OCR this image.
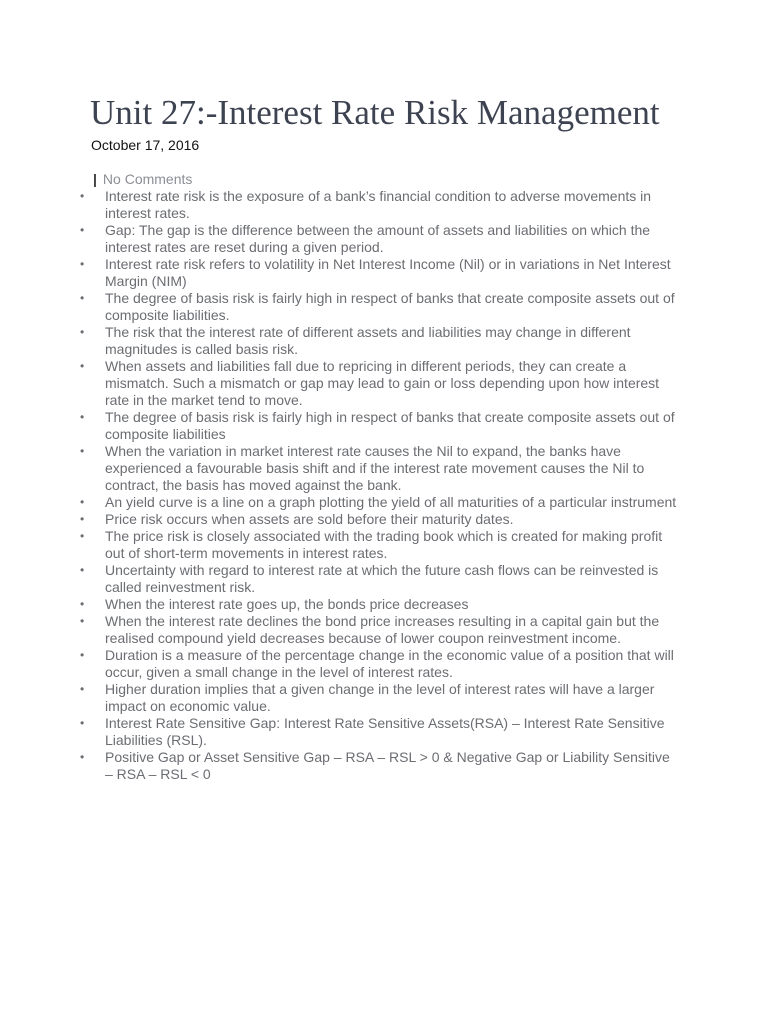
Unit 27:-Interest Rate Risk Management
October 17, 2016
| No Comments
• Interest rate risk is the exposure of a bank’s financial condition to adverse movements in interest rates.
• Gap: The gap is the difference between the amount of assets and liabilities on which the interest rates are reset during a given period.
• Interest rate risk refers to volatility in Net Interest Income (Nil) or in variations in Net Interest Margin (NIM)
• The degree of basis risk is fairly high in respect of banks that create composite assets out of composite liabilities.
• The risk that the interest rate of different assets and liabilities may change in different magnitudes is called basis risk.
• When assets and liabilities fall due to repricing in different periods, they can create a mismatch. Such a mismatch or gap may lead to gain or loss depending upon how interest rate in the market tend to move.
• The degree of basis risk is fairly high in respect of banks that create composite assets out of composite liabilities
• When the variation in market interest rate causes the Nil to expand, the banks have experienced a favourable basis shift and if the interest rate movement causes the Nil to contract, the basis has moved against the bank.
• An yield curve is a line on a graph plotting the yield of all maturities of a particular instrument
• Price risk occurs when assets are sold before their maturity dates.
• The price risk is closely associated with the trading book which is created for making profit out of short-term movements in interest rates.
• Uncertainty with regard to interest rate at which the future cash flows can be reinvested is called reinvestment risk.
• When the interest rate goes up, the bonds price decreases
• When the interest rate declines the bond price increases resulting in a capital gain but the realised compound yield decreases because of lower coupon reinvestment income.
• Duration is a measure of the percentage change in the economic value of a position that will occur, given a small change in the level of interest rates.
• Higher duration implies that a given change in the level of interest rates will have a larger impact on economic value.
• Interest Rate Sensitive Gap: Interest Rate Sensitive Assets(RSA) – Interest Rate Sensitive Liabilities (RSL).
• Positive Gap or Asset Sensitive Gap – RSA – RSL > 0 & Negative Gap or Liability Sensitive – RSA – RSL < 0
